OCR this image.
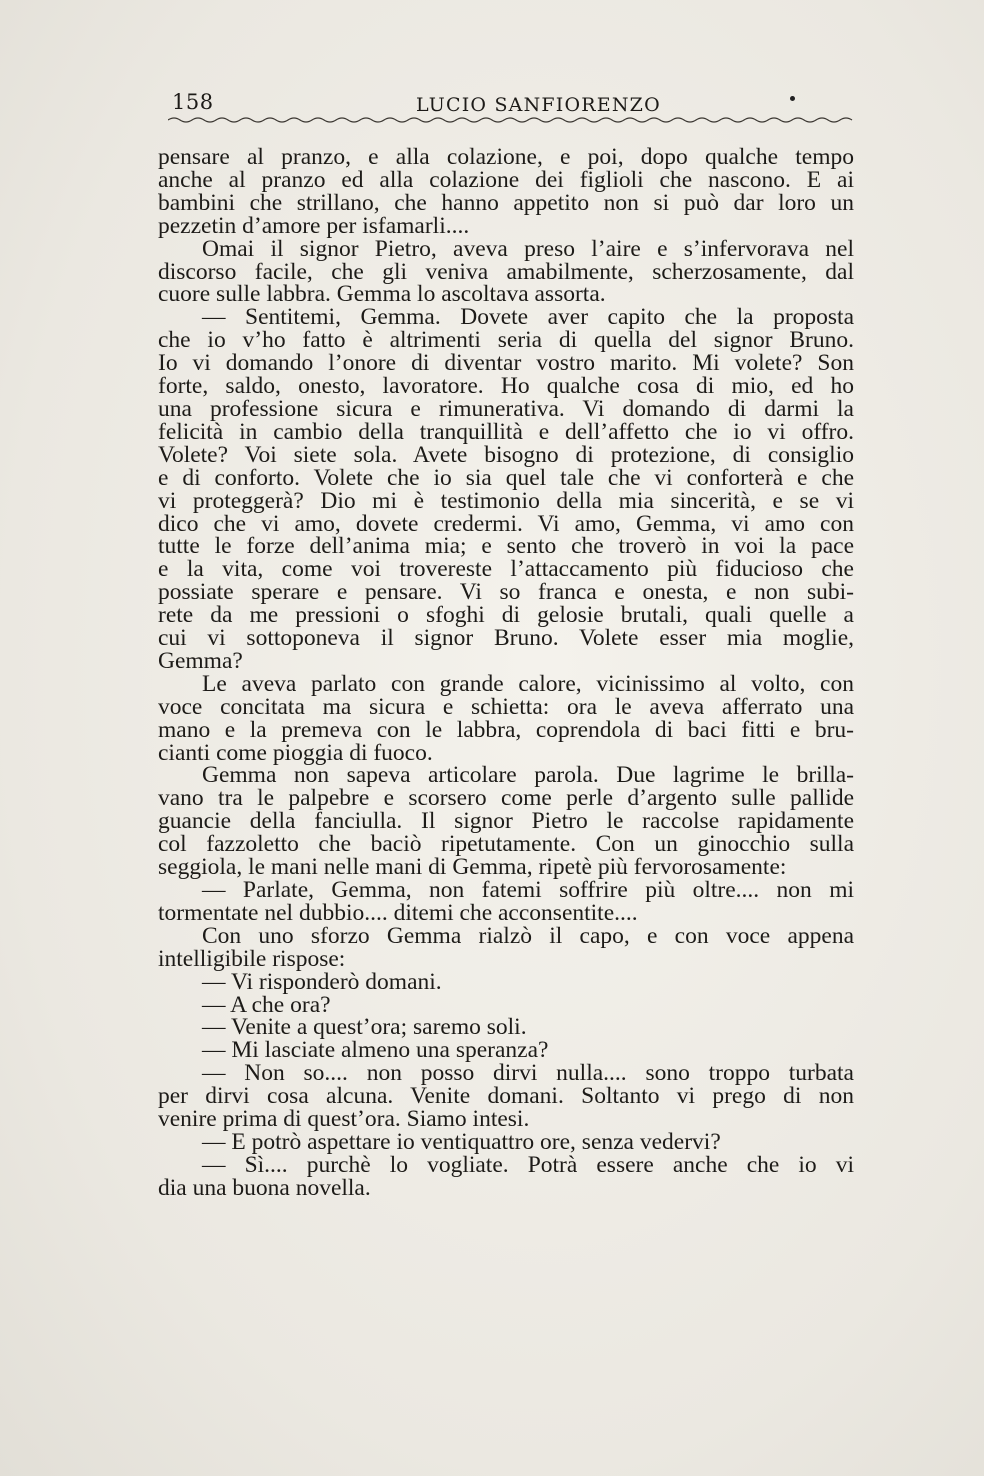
158	LUCIO SANFIORENZO
pensare al pranzo, e alla colazione, e poi, dopo qualche tempo
anche al pranzo ed alla colazione dei figlioli che nascono. E ai
bambini che strillano, che hanno appetito non si può dar loro un
pezzetin d’amore per isfamarli....
Omai il signor Pietro, aveva preso l’aire e s’infervorava nel
discorso facile, che gli veniva amabilmente, scherzosamente, dal
cuore sulle labbra. Gemma lo ascoltava assorta.
— Sentitemi, Gemma. Dovete aver capito che la proposta
che io v’ho fatto è altrimenti seria di quella del signor Bruno.
Io vi domando l’onore di diventar vostro marito. Mi volete? Son
forte, saldo, onesto, lavoratore. Ho qualche cosa di mio, ed ho
una professione sicura e rimunerativa. Vi domando di darmi la
felicità in cambio della tranquillità e dell’affetto che io vi offro.
Volete? Voi siete sola. Avete bisogno di protezione, di consiglio
e di conforto. Volete che io sia quel tale che vi conforterà e che
vi proteggerà? Dio mi è testimonio della mia sincerità, e se vi
dico che vi amo, dovete credermi. Vi amo, Gemma, vi amo con
tutte le forze dell’anima mia; e sento che troverò in voi la pace
e la vita, come voi trovereste l’attaccamento più fiducioso che
possiate sperare e pensare. Vi so franca e onesta, e non subi-
rete da me pressioni o sfoghi di gelosie brutali, quali quelle a
cui vi sottoponeva il signor Bruno. Volete esser mia moglie,
Gemma?
Le aveva parlato con grande calore, vicinissimo al volto, con
voce concitata ma sicura e schietta: ora le aveva afferrato una
mano e la premeva con le labbra, coprendola di baci fitti e bru-
cianti come pioggia di fuoco.
Gemma non sapeva articolare parola. Due lagrime le brilla-
vano tra le palpebre e scorsero come perle d’argento sulle pallide
guancie della fanciulla. Il signor Pietro le raccolse rapidamente
col fazzoletto che baciò ripetutamente. Con un ginocchio sulla
seggiola, le mani nelle mani di Gemma, ripetè più fervorosamente:
— Parlate, Gemma, non fatemi soffrire più oltre.... non mi
tormentate nel dubbio.... ditemi che acconsentite....
Con uno sforzo Gemma rialzò il capo, e con voce appena
intelligibile rispose:
— Vi risponderò domani.
— A che ora?
— Venite a quest’ora; saremo soli.
— Mi lasciate almeno una speranza?
— Non so.... non posso dirvi nulla.... sono troppo turbata
per dirvi cosa alcuna. Venite domani. Soltanto vi prego di non
venire prima di quest’ora. Siamo intesi.
— E potrò aspettare io ventiquattro ore, senza vedervi?
— Sì.... purchè lo vogliate. Potrà essere anche che io vi
dia una buona novella.
